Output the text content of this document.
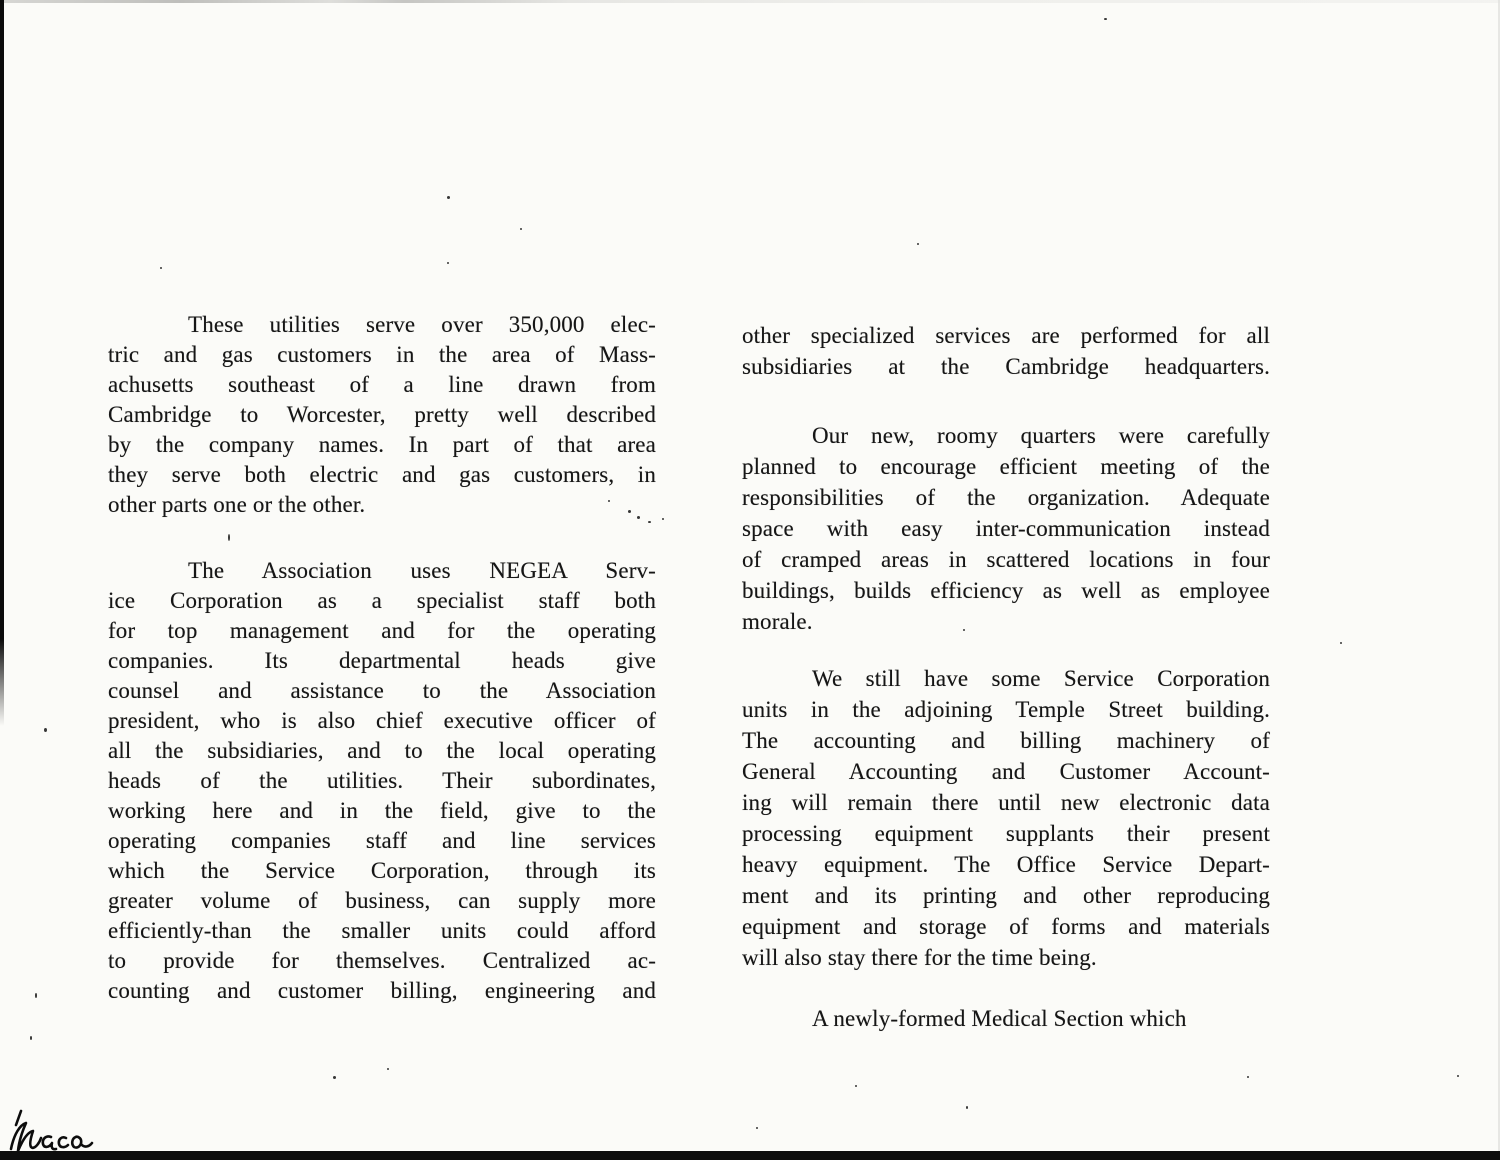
These utilities serve over 350,000 elec-
tric and gas customers in the area of Mass-
achusetts southeast of a line drawn from
Cambridge to Worcester, pretty well described
by the company names. In part of that area
they serve both electric and gas customers, in
other parts one or the other.
The Association uses NEGEA Serv-
ice Corporation as a specialist staff both
for top management and for the operating
companies. Its departmental heads give
counsel and assistance to the Association
president, who is also chief executive officer of
all the subsidiaries, and to the local operating
heads of the utilities. Their subordinates,
working here and in the field, give to the
operating companies staff and line services
which the Service Corporation, through its
greater volume of business, can supply more
efficiently-than the smaller units could afford
to provide for themselves. Centralized ac-
counting and customer billing, engineering and
other specialized services are performed for all
subsidiaries at the Cambridge headquarters.
Our new, roomy quarters were carefully
planned to encourage efficient meeting of the
responsibilities of the organization. Adequate
space with easy inter-communication instead
of cramped areas in scattered locations in four
buildings, builds efficiency as well as employee
morale.
We still have some Service Corporation
units in the adjoining Temple Street building.
The accounting and billing machinery of
General Accounting and Customer Account-
ing will remain there until new electronic data
processing equipment supplants their present
heavy equipment. The Office Service Depart-
ment and its printing and other reproducing
equipment and storage of forms and materials
will also stay there for the time being.
A newly-formed Medical Section which
